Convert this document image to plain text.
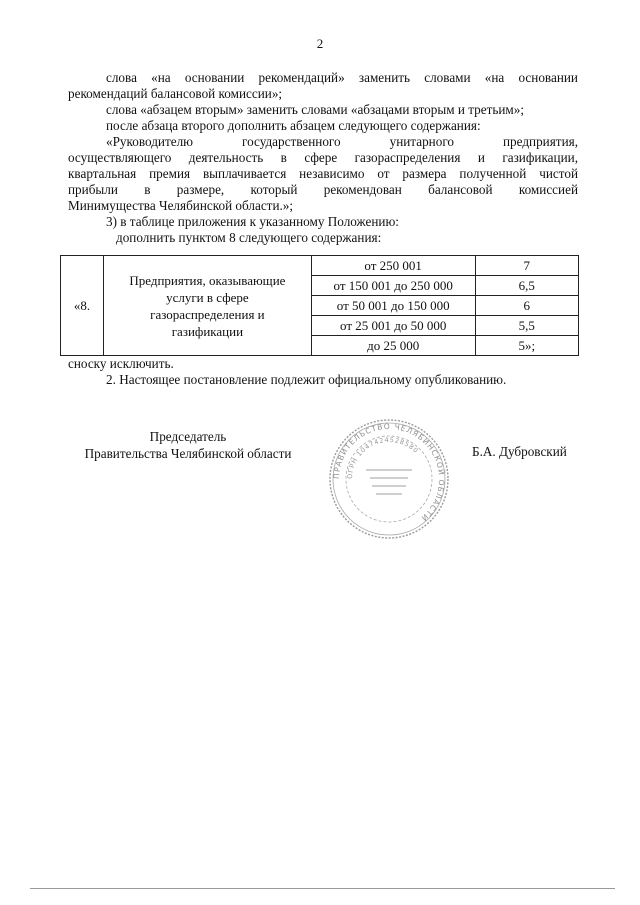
2

слова «на основании рекомендаций» заменить словами «на основании

рекомендаций балансовой комиссии»;

слова «абзацем вторым» заменить словами «абзацами вторым и третьим»;

после абзаца второго дополнить абзацем следующего содержания:

«Руководителю государственного унитарного предприятия,

осуществляющего деятельность в сфере газораспределения и газификации,

квартальная премия выплачивается независимо от размера полученной чистой

прибыли в размере, который рекомендован балансовой комиссией

Минимущества Челябинской области.»;

3) в таблице приложения к указанному Положению:

дополнить пунктом 8 следующего содержания:

«8.	Предприятия, оказывающие
услуги в сфере
газораспределения и
газификации	от 250 001	7
		от 150 001 до 250 000	6,5
		от 50 001 до 150 000	6
		от 25 001 до 50 000	5,5
		до 25 000	5»;

сноску исключить.

2. Настоящее постановление подлежит официальному опубликованию.

Председатель
Правительства Челябинской области	Б.А. Дубровский
ПРАВИТЕЛЬСТВО ЧЕЛЯБИНСКОЙ ОБЛАСТИ
ОГРН 1047424528580
